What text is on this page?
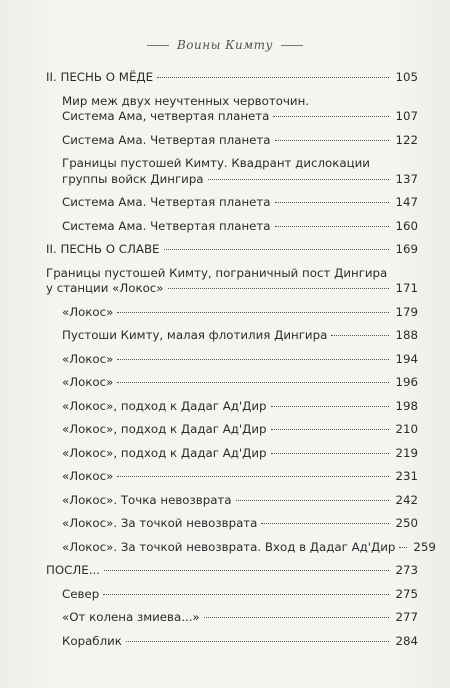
Воины Кимту
II. ПЕСНЬ О МЁДЕ	105
Мир меж двух неучтенных червоточин.
Система Ама, четвертая планета	107
Система Ама. Четвертая планета	122
Границы пустошей Кимту. Квадрант дислокации
группы войск Дингира	137
Система Ама. Четвертая планета	147
Система Ама. Четвертая планета	160
II. ПЕСНЬ О СЛАВЕ	169
Границы пустошей Кимту, пограничный пост Дингира
у станции «Локос»	171
«Локос»	179
Пустоши Кимту, малая флотилия Дингира	188
«Локос»	194
«Локос»	196
«Локос», подход к Дадаг Ад'Дир	198
«Локос», подход к Дадаг Ад'Дир	210
«Локос», подход к Дадаг Ад'Дир	219
«Локос»	231
«Локос». Точка невозврата	242
«Локос». За точкой невозврата	250
«Локос». За точкой невозврата. Вход в Дадаг Ад'Дир 259
ПОСЛЕ...	273
Север	275
«От колена змиева...»	277
Кораблик	284
